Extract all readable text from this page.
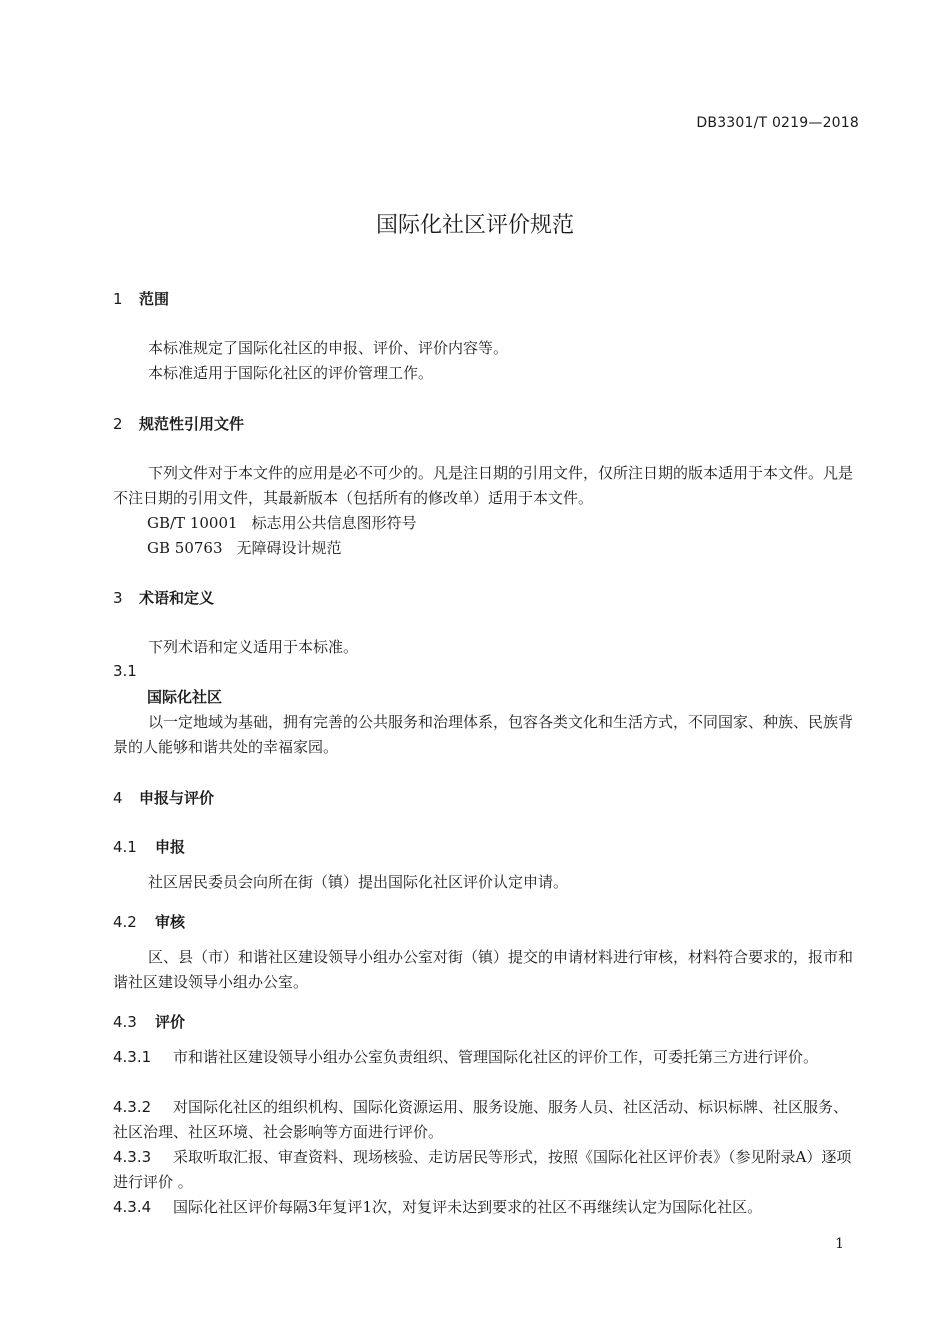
DB3301/T 0219—2018
国际化社区评价规范
1 范围
本标准规定了国际化社区的申报、评价、评价内容等。
本标准适用于国际化社区的评价管理工作。
2 规范性引用文件
下列文件对于本文件的应用是必不可少的。凡是注日期的引用文件，仅所注日期的版本适用于本文件。凡是不注日期的引用文件，其最新版本（包括所有的修改单）适用于本文件。
GB/T 10001 标志用公共信息图形符号
GB 50763 无障碍设计规范
3 术语和定义
下列术语和定义适用于本标准。
3.1
国际化社区
以一定地域为基础，拥有完善的公共服务和治理体系，包容各类文化和生活方式，不同国家、种族、民族背景的人能够和谐共处的幸福家园。
4 申报与评价
4.1 申报
社区居民委员会向所在街（镇）提出国际化社区评价认定申请。
4.2 审核
区、县（市）和谐社区建设领导小组办公室对街（镇）提交的申请材料进行审核，材料符合要求的，报市和谐社区建设领导小组办公室。
4.3 评价
4.3.1 市和谐社区建设领导小组办公室负责组织、管理国际化社区的评价工作，可委托第三方进行评价。
4.3.2 对国际化社区的组织机构、国际化资源运用、服务设施、服务人员、社区活动、标识标牌、社区服务、社区治理、社区环境、社会影响等方面进行评价。
4.3.3 采取听取汇报、审查资料、现场核验、走访居民等形式，按照《国际化社区评价表》（参见附录A）逐项进行评价 。
4.3.4 国际化社区评价每隔3年复评1次，对复评未达到要求的社区不再继续认定为国际化社区。
1
